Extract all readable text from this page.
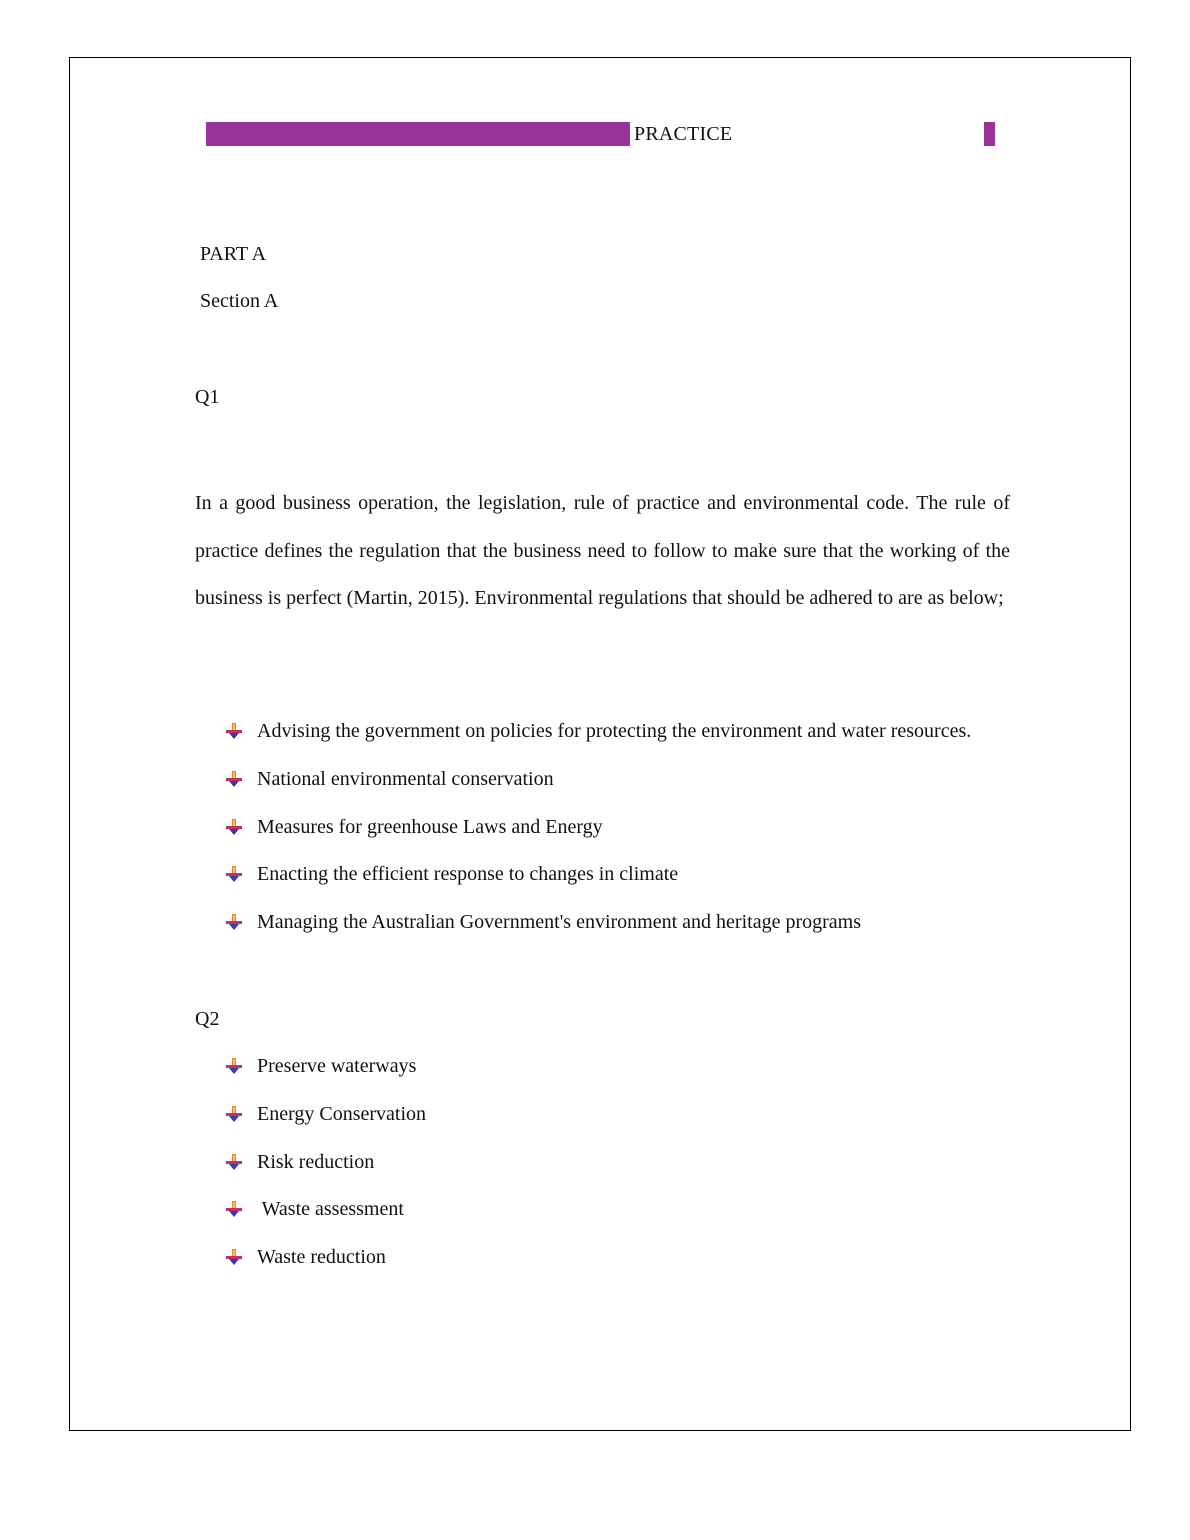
PRACTICE
PART A
Section A
Q1
In a good business operation, the legislation, rule of practice and environmental code. The rule of practice defines the regulation that the business need to follow to make sure that the working of the business is perfect (Martin, 2015). Environmental regulations that should be adhered to are as below;
Advising the government on policies for protecting the environment and water resources.
National environmental conservation
Measures for greenhouse Laws and Energy
Enacting the efficient response to changes in climate
Managing the Australian Government's environment and heritage programs
Q2
Preserve waterways
Energy Conservation
Risk reduction
Waste assessment
Waste reduction
